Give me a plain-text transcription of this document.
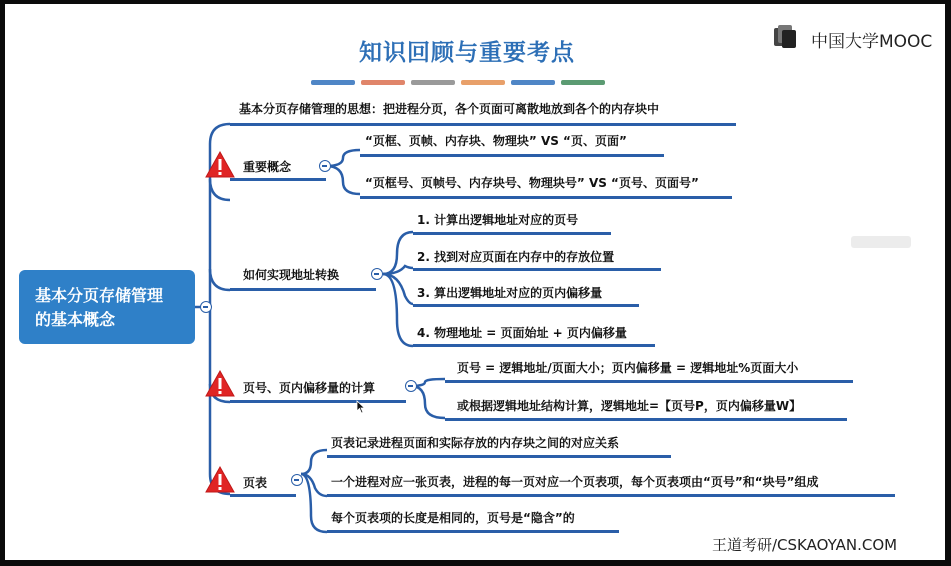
知识回顾与重要考点	中国大学MOOC
基本分页存储管理
的基本概念
基本分页存储管理的思想：把进程分页，各个页面可离散地放到各个的内存块中
重要概念
“页框、页帧、内存块、物理块” VS “页、页面”
“页框号、页帧号、内存块号、物理块号” VS “页号、页面号”
如何实现地址转换
1. 计算出逻辑地址对应的页号
2. 找到对应页面在内存中的存放位置
3. 算出逻辑地址对应的页内偏移量
4. 物理地址 = 页面始址 + 页内偏移量
页号、页内偏移量的计算
页号 = 逻辑地址/页面大小；页内偏移量 = 逻辑地址%页面大小
或根据逻辑地址结构计算，逻辑地址=【页号P，页内偏移量W】
页表
页表记录进程页面和实际存放的内存块之间的对应关系
一个进程对应一张页表，进程的每一页对应一个页表项，每个页表项由“页号”和“块号”组成
每个页表项的长度是相同的，页号是“隐含”的
王道考研/CSKAOYAN.COM
